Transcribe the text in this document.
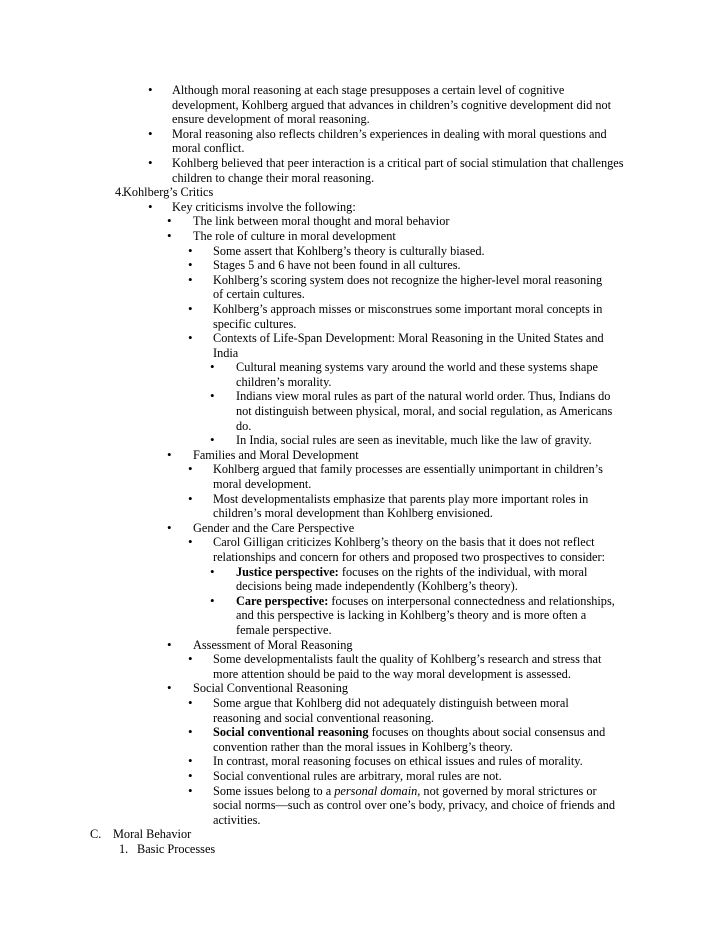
• Although moral reasoning at each stage presupposes a certain level of cognitive
development, Kohlberg argued that advances in children’s cognitive development did not
ensure development of moral reasoning.
• Moral reasoning also reflects children’s experiences in dealing with moral questions and
moral conflict.
• Kohlberg believed that peer interaction is a critical part of social stimulation that challenges
children to change their moral reasoning.
4.
Kohlberg’s Critics
• Key criticisms involve the following:
• The link between moral thought and moral behavior
• The role of culture in moral development
• Some assert that Kohlberg’s theory is culturally biased.
• Stages 5 and 6 have not been found in all cultures.
• Kohlberg’s scoring system does not recognize the higher-level moral reasoning
of certain cultures.
• Kohlberg’s approach misses or misconstrues some important moral concepts in
specific cultures.
• Contexts of Life-Span Development: Moral Reasoning in the United States and
India
• Cultural meaning systems vary around the world and these systems shape
children’s morality.
• Indians view moral rules as part of the natural world order. Thus, Indians do
not distinguish between physical, moral, and social regulation, as Americans
do.
• In India, social rules are seen as inevitable, much like the law of gravity.
• Families and Moral Development
• Kohlberg argued that family processes are essentially unimportant in children’s
moral development.
• Most developmentalists emphasize that parents play more important roles in
children’s moral development than Kohlberg envisioned.
• Gender and the Care Perspective
• Carol Gilligan criticizes Kohlberg’s theory on the basis that it does not reflect
relationships and concern for others and proposed two prospectives to consider:
• Justice perspective: focuses on the rights of the individual, with moral
decisions being made independently (Kohlberg’s theory).
• Care perspective: focuses on interpersonal connectedness and relationships,
and this perspective is lacking in Kohlberg’s theory and is more often a
female perspective.
• Assessment of Moral Reasoning
• Some developmentalists fault the quality of Kohlberg’s research and stress that
more attention should be paid to the way moral development is assessed.
• Social Conventional Reasoning
• Some argue that Kohlberg did not adequately distinguish between moral
reasoning and social conventional reasoning.
• Social conventional reasoning focuses on thoughts about social consensus and
convention rather than the moral issues in Kohlberg’s theory.
• In contrast, moral reasoning focuses on ethical issues and rules of morality.
• Social conventional rules are arbitrary, moral rules are not.
• Some issues belong to a personal domain, not governed by moral strictures or
social norms—such as control over one’s body, privacy, and choice of friends and
activities.
C. Moral Behavior
1. Basic Processes
